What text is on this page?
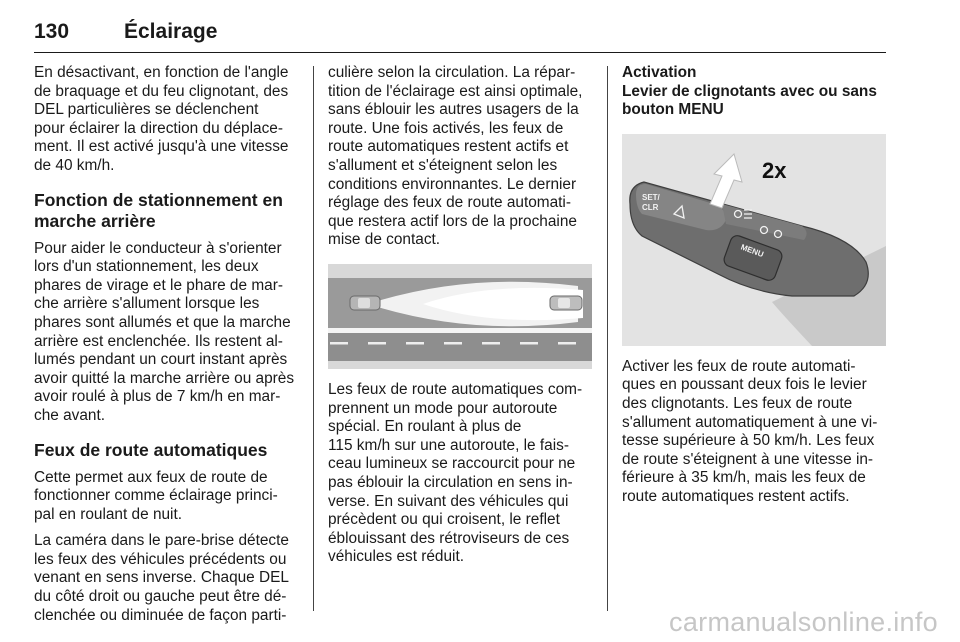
130	Éclairage
En désactivant, en fonction de l'angle
de braquage et du feu clignotant, des
DEL particulières se déclenchent
pour éclairer la direction du déplace-
ment. Il est activé jusqu'à une vitesse
de 40 km/h.
Fonction de stationnement en
marche arrière
Pour aider le conducteur à s'orienter
lors d'un stationnement, les deux
phares de virage et le phare de mar-
che arrière s'allument lorsque les
phares sont allumés et que la marche
arrière est enclenchée. Ils restent al-
lumés pendant un court instant après
avoir quitté la marche arrière ou après
avoir roulé à plus de 7 km/h en mar-
che avant.
Feux de route automatiques
Cette permet aux feux de route de
fonctionner comme éclairage princi-
pal en roulant de nuit.
La caméra dans le pare-brise détecte
les feux des véhicules précédents ou
venant en sens inverse. Chaque DEL
du côté droit ou gauche peut être dé-
clenchée ou diminuée de façon parti-
culière selon la circulation. La répar-
tition de l'éclairage est ainsi optimale,
sans éblouir les autres usagers de la
route. Une fois activés, les feux de
route automatiques restent actifs et
s'allument et s'éteignent selon les
conditions environnantes. Le dernier
réglage des feux de route automati-
que restera actif lors de la prochaine
mise de contact.
Les feux de route automatiques com-
prennent un mode pour autoroute
spécial. En roulant à plus de
115 km/h sur une autoroute, le fais-
ceau lumineux se raccourcit pour ne
pas éblouir la circulation en sens in-
verse. En suivant des véhicules qui
précèdent ou qui croisent, le reflet
éblouissant des rétroviseurs de ces
véhicules est réduit.
Activation
Levier de clignotants avec ou sans
bouton MENU
2x
SET/
CLR
MENU
Activer les feux de route automati-
ques en poussant deux fois le levier
des clignotants. Les feux de route
s'allument automatiquement à une vi-
tesse supérieure à 50 km/h. Les feux
de route s'éteignent à une vitesse in-
férieure à 35 km/h, mais les feux de
route automatiques restent actifs.
carmanualsonline.info
